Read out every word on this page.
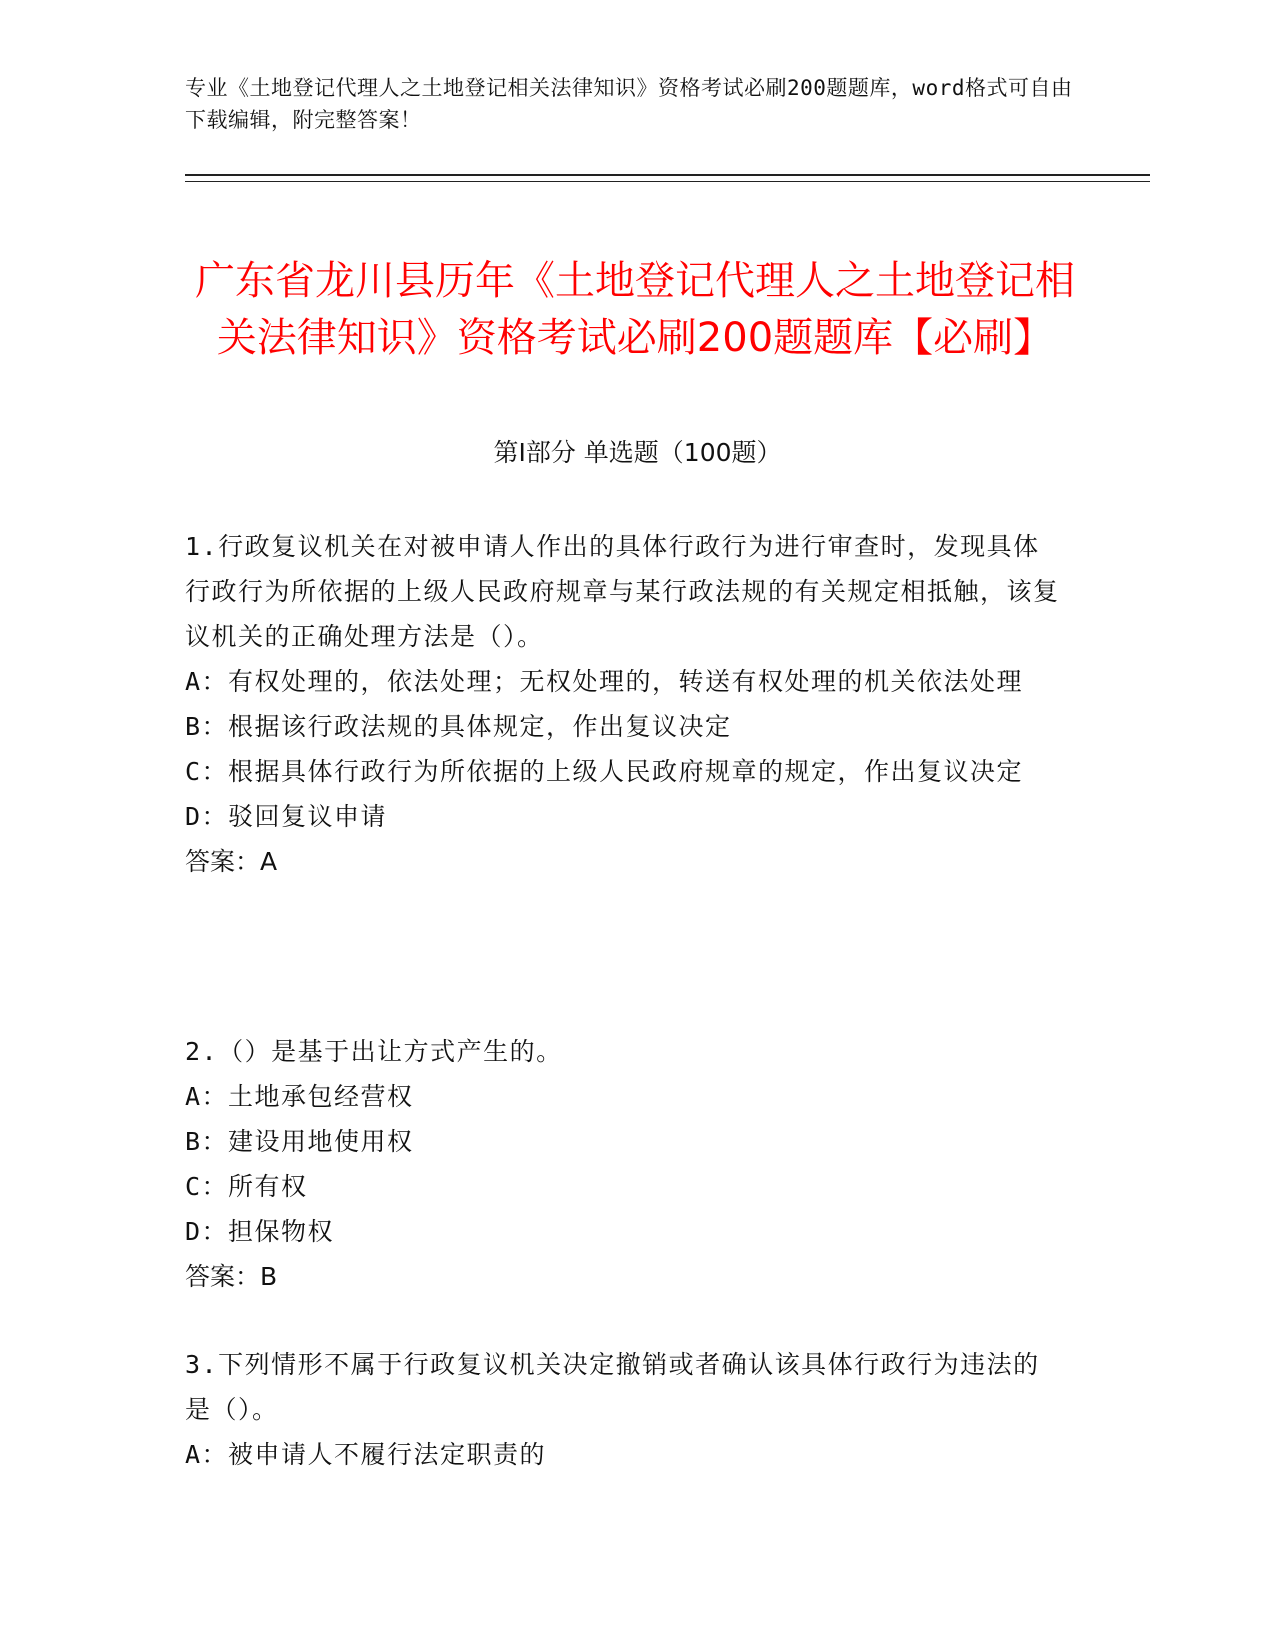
专业《土地登记代理人之土地登记相关法律知识》资格考试必刷200题题库，word格式可自由下载编辑，附完整答案！
广东省龙川县历年《土地登记代理人之土地登记相关法律知识》资格考试必刷200题题库【必刷】
第Ⅰ部分 单选题（100题）

1.行政复议机关在对被申请人作出的具体行政行为进行审查时，发现具体行政行为所依据的上级人民政府规章与某行政法规的有关规定相抵触，该复议机关的正确处理方法是（）。

A：有权处理的，依法处理；无权处理的，转送有权处理的机关依法处理

B：根据该行政法规的具体规定，作出复议决定

C：根据具体行政行为所依据的上级人民政府规章的规定，作出复议决定

D：驳回复议申请

答案：A

2.（）是基于出让方式产生的。

A：土地承包经营权

B：建设用地使用权

C：所有权

D：担保物权

答案：B

3.下列情形不属于行政复议机关决定撤销或者确认该具体行政行为违法的是（）。

A：被申请人不履行法定职责的
